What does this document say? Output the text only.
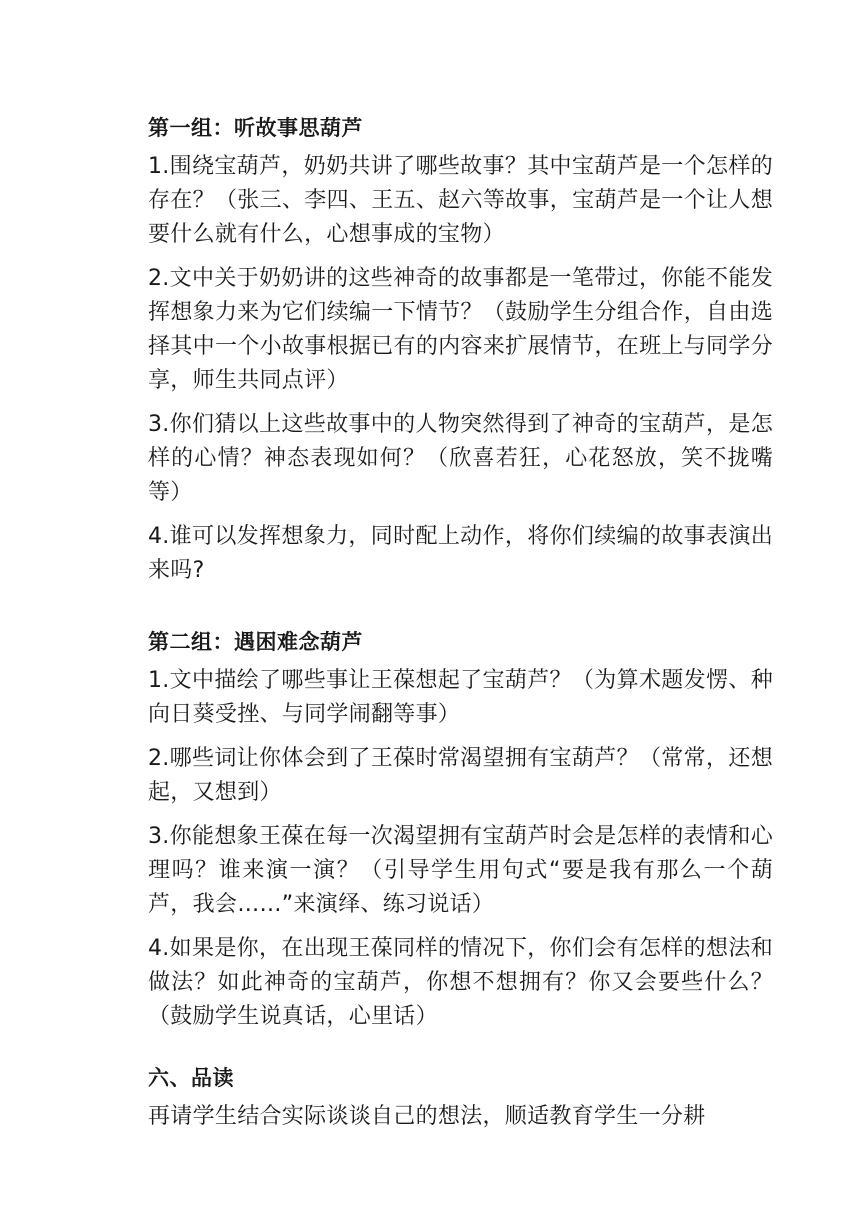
第一组：听故事思葫芦
1.围绕宝葫芦，奶奶共讲了哪些故事？其中宝葫芦是一个怎样的存在？（张三、李四、王五、赵六等故事，宝葫芦是一个让人想要什么就有什么，心想事成的宝物）
2.文中关于奶奶讲的这些神奇的故事都是一笔带过，你能不能发挥想象力来为它们续编一下情节？（鼓励学生分组合作，自由选择其中一个小故事根据已有的内容来扩展情节，在班上与同学分享，师生共同点评）
3.你们猜以上这些故事中的人物突然得到了神奇的宝葫芦，是怎样的心情？神态表现如何？（欣喜若狂，心花怒放，笑不拢嘴等）
4.谁可以发挥想象力，同时配上动作，将你们续编的故事表演出来吗?
第二组：遇困难念葫芦
1.文中描绘了哪些事让王葆想起了宝葫芦？（为算术题发愣、种向日葵受挫、与同学闹翻等事）
2.哪些词让你体会到了王葆时常渴望拥有宝葫芦？（常常，还想起，又想到）
3.你能想象王葆在每一次渴望拥有宝葫芦时会是怎样的表情和心理吗？谁来演一演？（引导学生用句式“要是我有那么一个葫芦，我会……”来演绎、练习说话）
4.如果是你，在出现王葆同样的情况下，你们会有怎样的想法和做法？如此神奇的宝葫芦，你想不想拥有？你又会要些什么？（鼓励学生说真话，心里话）
六、品读
再请学生结合实际谈谈自己的想法，顺适教育学生一分耕
